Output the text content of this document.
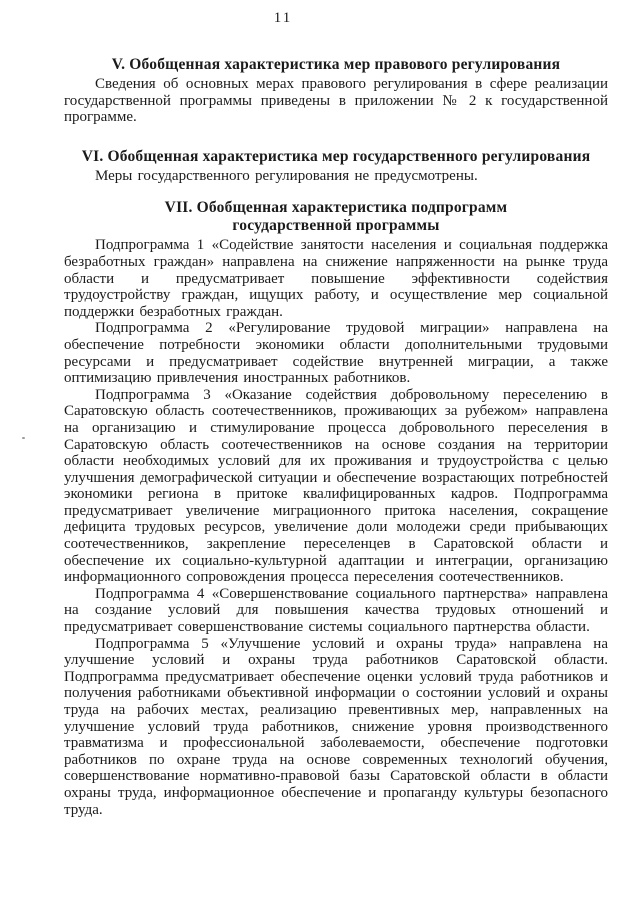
11
V. Обобщенная характеристика мер правового регулирования

Сведения об основных мерах правового регулирования в сфере реализации государственной программы приведены в приложении № 2 к государственной программе.

VI. Обобщенная характеристика мер государственного регулирования

Меры государственного регулирования не предусмотрены.

VII. Обобщенная характеристика подпрограмм
государственной программы

Подпрограмма 1 «Содействие занятости населения и социальная поддержка безработных граждан» направлена на снижение напряженности на рынке труда области и предусматривает повышение эффективности содействия трудоустройству граждан, ищущих работу, и осуществление мер социальной поддержки безработных граждан.

Подпрограмма 2 «Регулирование трудовой миграции» направлена на обеспечение потребности экономики области дополнительными трудовыми ресурсами и предусматривает содействие внутренней миграции, а также оптимизацию привлечения иностранных работников.

Подпрограмма 3 «Оказание содействия добровольному переселению в Саратовскую область соотечественников, проживающих за рубежом» направлена на организацию и стимулирование процесса добровольного переселения в Саратовскую область соотечественников на основе создания на территории области необходимых условий для их проживания и трудоустройства с целью улучшения демографической ситуации и обеспечение возрастающих потребностей экономики региона в притоке квалифицированных кадров. Подпрограмма предусматривает увеличение миграционного притока населения, сокращение дефицита трудовых ресурсов, увеличение доли молодежи среди прибывающих соотечественников, закрепление переселенцев в Саратовской области и обеспечение их социально-культурной адаптации и интеграции, организацию информационного сопровождения процесса переселения соотечественников.

Подпрограмма 4 «Совершенствование социального партнерства» направлена на создание условий для повышения качества трудовых отношений и предусматривает совершенствование системы социального партнерства области.

Подпрограмма 5 «Улучшение условий и охраны труда» направлена на улучшение условий и охраны труда работников Саратовской области. Подпрограмма предусматривает обеспечение оценки условий труда работников и получения работниками объективной информации о состоянии условий и охраны труда на рабочих местах, реализацию превентивных мер, направленных на улучшение условий труда работников, снижение уровня производственного травматизма и профессиональной заболеваемости, обеспечение подготовки работников по охране труда на основе современных технологий обучения, совершенствование нормативно-правовой базы Саратовской области в области охраны труда, информационное обеспечение и пропаганду культуры безопасного труда.
